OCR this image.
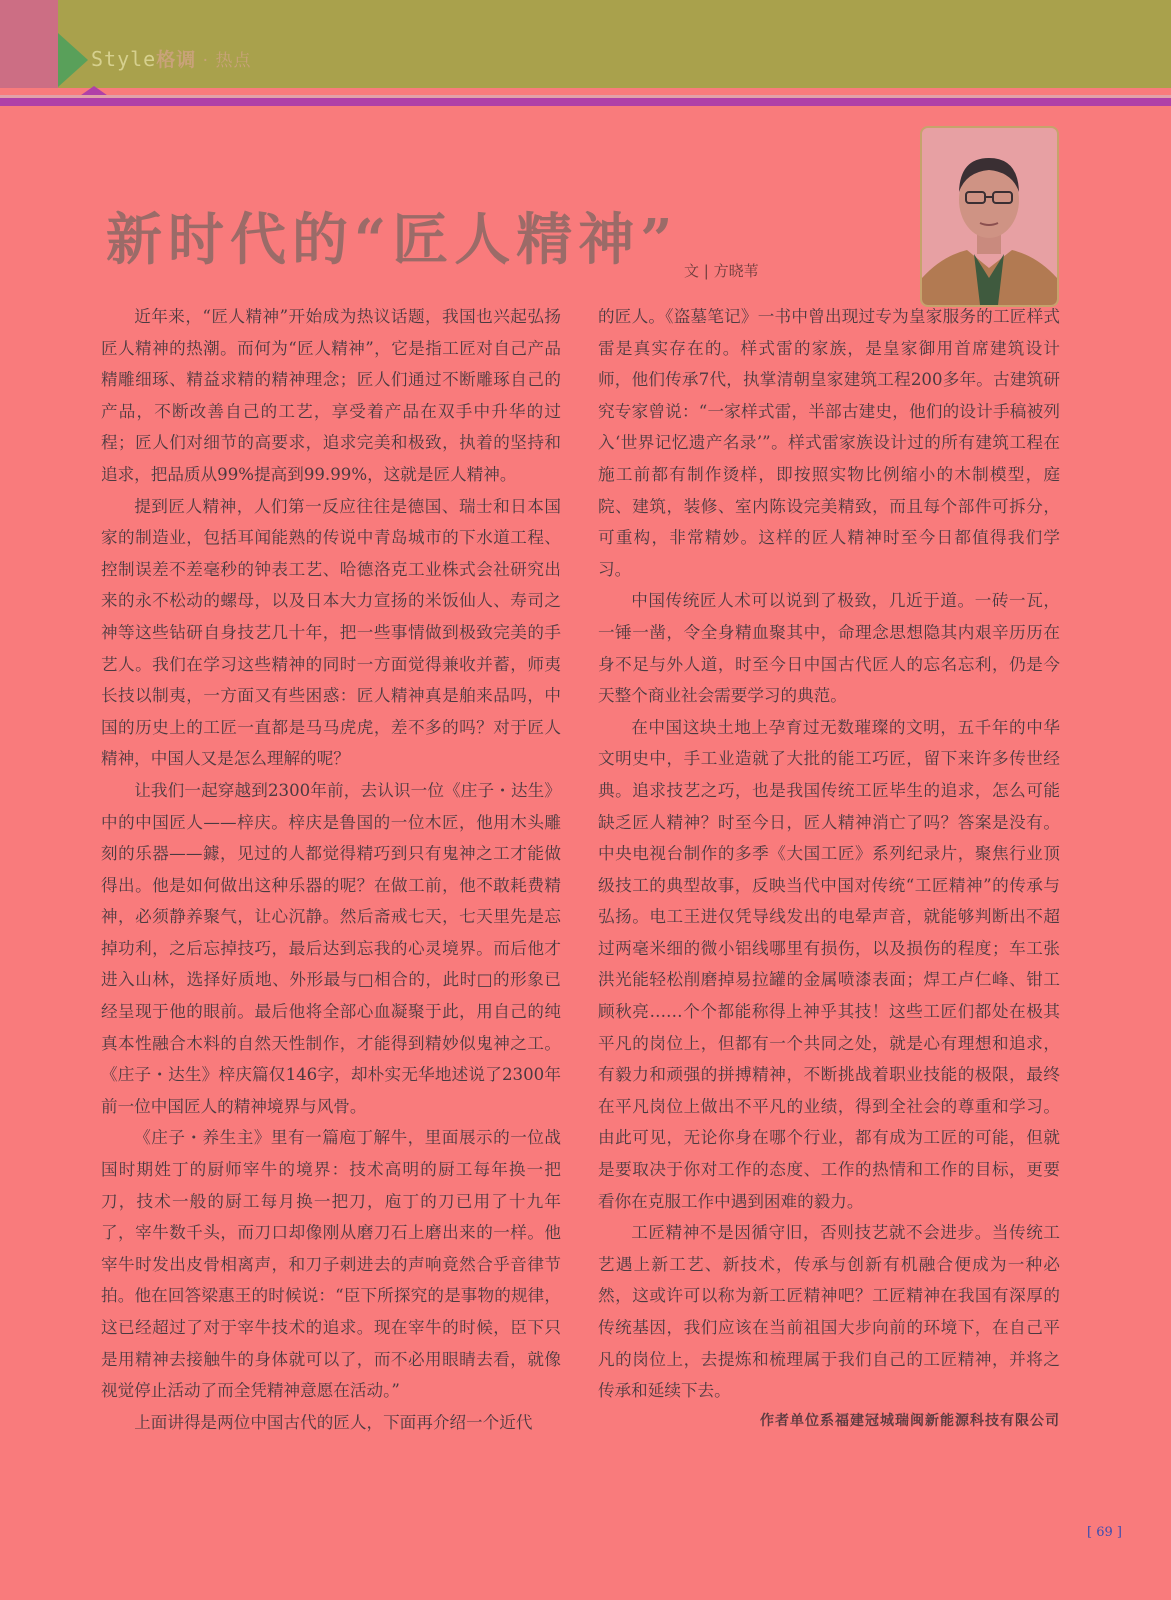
Style格调 · 热点
新时代的“匠人精神” 文 | 方晓苇

近年来，“匠人精神”开始成为热议话题，我国也兴起弘扬匠人精神的热潮。而何为“匠人精神”，它是指工匠对自己产品精雕细琢、精益求精的精神理念；匠人们通过不断雕琢自己的产品，不断改善自己的工艺，享受着产品在双手中升华的过程；匠人们对细节的高要求，追求完美和极致，执着的坚持和追求，把品质从99%提高到99.99%，这就是匠人精神。

提到匠人精神，人们第一反应往往是德国、瑞士和日本国家的制造业，包括耳闻能熟的传说中青岛城市的下水道工程、控制误差不差毫秒的钟表工艺、哈德洛克工业株式会社研究出来的永不松动的螺母，以及日本大力宣扬的米饭仙人、寿司之神等这些钻研自身技艺几十年，把一些事情做到极致完美的手艺人。我们在学习这些精神的同时一方面觉得兼收并蓄，师夷长技以制夷，一方面又有些困惑：匠人精神真是舶来品吗，中国的历史上的工匠一直都是马马虎虎，差不多的吗？对于匠人精神，中国人又是怎么理解的呢？

让我们一起穿越到2300年前，去认识一位《庄子・达生》中的中国匠人——梓庆。梓庆是鲁国的一位木匠，他用木头雕刻的乐器——鐻，见过的人都觉得精巧到只有鬼神之工才能做得出。他是如何做出这种乐器的呢？在做工前，他不敢耗费精神，必须静养聚气，让心沉静。然后斋戒七天，七天里先是忘掉功利，之后忘掉技巧，最后达到忘我的心灵境界。而后他才进入山林，选择好质地、外形最与□相合的，此时□的形象已经呈现于他的眼前。最后他将全部心血凝聚于此，用自己的纯真本性融合木料的自然天性制作，才能得到精妙似鬼神之工。《庄子・达生》梓庆篇仅146字，却朴实无华地述说了2300年前一位中国匠人的精神境界与风骨。

《庄子・养生主》里有一篇庖丁解牛，里面展示的一位战国时期姓丁的厨师宰牛的境界：技术高明的厨工每年换一把刀，技术一般的厨工每月换一把刀，庖丁的刀已用了十九年了，宰牛数千头，而刀口却像刚从磨刀石上磨出来的一样。他宰牛时发出皮骨相离声，和刀子刺进去的声响竟然合乎音律节拍。他在回答梁惠王的时候说：“臣下所探究的是事物的规律，这已经超过了对于宰牛技术的追求。现在宰牛的时候，臣下只是用精神去接触牛的身体就可以了，而不必用眼睛去看，就像视觉停止活动了而全凭精神意愿在活动。”

上面讲得是两位中国古代的匠人，下面再介绍一个近代

的匠人。《盗墓笔记》一书中曾出现过专为皇家服务的工匠样式雷是真实存在的。样式雷的家族，是皇家御用首席建筑设计师，他们传承7代，执掌清朝皇家建筑工程200多年。古建筑研究专家曾说：“一家样式雷，半部古建史，他们的设计手稿被列入‘世界记忆遗产名录’”。样式雷家族设计过的所有建筑工程在施工前都有制作烫样，即按照实物比例缩小的木制模型，庭院、建筑，装修、室内陈设完美精致，而且每个部件可拆分，可重构，非常精妙。这样的匠人精神时至今日都值得我们学习。

中国传统匠人术可以说到了极致，几近于道。一砖一瓦，一锤一凿，令全身精血聚其中，命理念思想隐其内艰辛历历在身不足与外人道，时至今日中国古代匠人的忘名忘利，仍是今天整个商业社会需要学习的典范。

在中国这块土地上孕育过无数璀璨的文明，五千年的中华文明史中，手工业造就了大批的能工巧匠，留下来许多传世经典。追求技艺之巧，也是我国传统工匠毕生的追求，怎么可能缺乏匠人精神？时至今日，匠人精神消亡了吗？答案是没有。中央电视台制作的多季《大国工匠》系列纪录片，聚焦行业顶级技工的典型故事，反映当代中国对传统“工匠精神”的传承与弘扬。电工王进仅凭导线发出的电晕声音，就能够判断出不超过两毫米细的微小铝线哪里有损伤，以及损伤的程度；车工张洪光能轻松削磨掉易拉罐的金属喷漆表面；焊工卢仁峰、钳工顾秋亮……个个都能称得上神乎其技！这些工匠们都处在极其平凡的岗位上，但都有一个共同之处，就是心有理想和追求，有毅力和顽强的拼搏精神，不断挑战着职业技能的极限，最终在平凡岗位上做出不平凡的业绩，得到全社会的尊重和学习。由此可见，无论你身在哪个行业，都有成为工匠的可能，但就是要取决于你对工作的态度、工作的热情和工作的目标，更要看你在克服工作中遇到困难的毅力。

工匠精神不是因循守旧，否则技艺就不会进步。当传统工艺遇上新工艺、新技术，传承与创新有机融合便成为一种必然，这或许可以称为新工匠精神吧？工匠精神在我国有深厚的传统基因，我们应该在当前祖国大步向前的环境下，在自己平凡的岗位上，去提炼和梳理属于我们自己的工匠精神，并将之传承和延续下去。

作者单位系福建冠城瑞闽新能源科技有限公司
[ 69 ]
